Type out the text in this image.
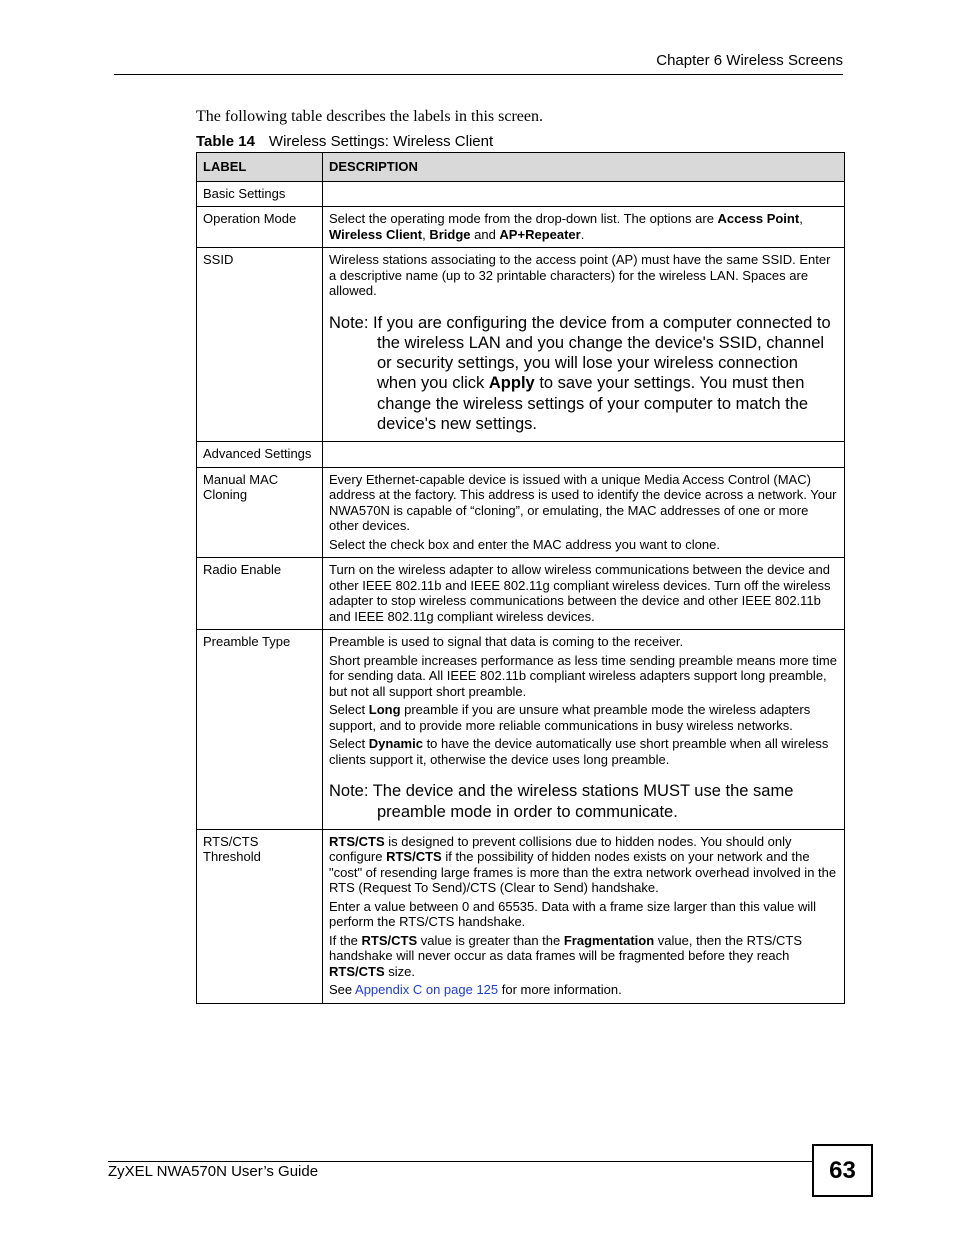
Chapter 6 Wireless Screens
The following table describes the labels in this screen.
Table 14 Wireless Settings: Wireless Client
LABEL	DESCRIPTION
Basic Settings	
Operation Mode	Select the operating mode from the drop-down list. The options are Access Point, Wireless Client, Bridge and AP+Repeater.
SSID	Wireless stations associating to the access point (AP) must have the same SSID. Enter a descriptive name (up to 32 printable characters) for the wireless LAN. Spaces are allowed.
Note: If you are configuring the device from a computer connected to the wireless LAN and you change the device's SSID, channel or security settings, you will lose your wireless connection when you click Apply to save your settings. You must then change the wireless settings of your computer to match the device's new settings.

Advanced Settings	
Manual MAC Cloning	Every Ethernet-capable device is issued with a unique Media Access Control (MAC) address at the factory. This address is used to identify the device across a network. Your NWA570N is capable of “cloning”, or emulating, the MAC addresses of one or more other devices.
Select the check box and enter the MAC address you want to clone.

Radio Enable	Turn on the wireless adapter to allow wireless communications between the device and other IEEE 802.11b and IEEE 802.11g compliant wireless devices. Turn off the wireless adapter to stop wireless communications between the device and other IEEE 802.11b and IEEE 802.11g compliant wireless devices.

Preamble Type	Preamble is used to signal that data is coming to the receiver.
Short preamble increases performance as less time sending preamble means more time for sending data. All IEEE 802.11b compliant wireless adapters support long preamble, but not all support short preamble.
Select Long preamble if you are unsure what preamble mode the wireless adapters support, and to provide more reliable communications in busy wireless networks.
Select Dynamic to have the device automatically use short preamble when all wireless clients support it, otherwise the device uses long preamble.
Note: The device and the wireless stations MUST use the same preamble mode in order to communicate.

RTS/CTS Threshold	RTS/CTS is designed to prevent collisions due to hidden nodes. You should only configure RTS/CTS if the possibility of hidden nodes exists on your network and the "cost" of resending large frames is more than the extra network overhead involved in the RTS (Request To Send)/CTS (Clear to Send) handshake.
Enter a value between 0 and 65535. Data with a frame size larger than this value will perform the RTS/CTS handshake.
If the RTS/CTS value is greater than the Fragmentation value, then the RTS/CTS handshake will never occur as data frames will be fragmented before they reach RTS/CTS size.
See Appendix C on page 125 for more information.
ZyXEL NWA570N User’s Guide	63
